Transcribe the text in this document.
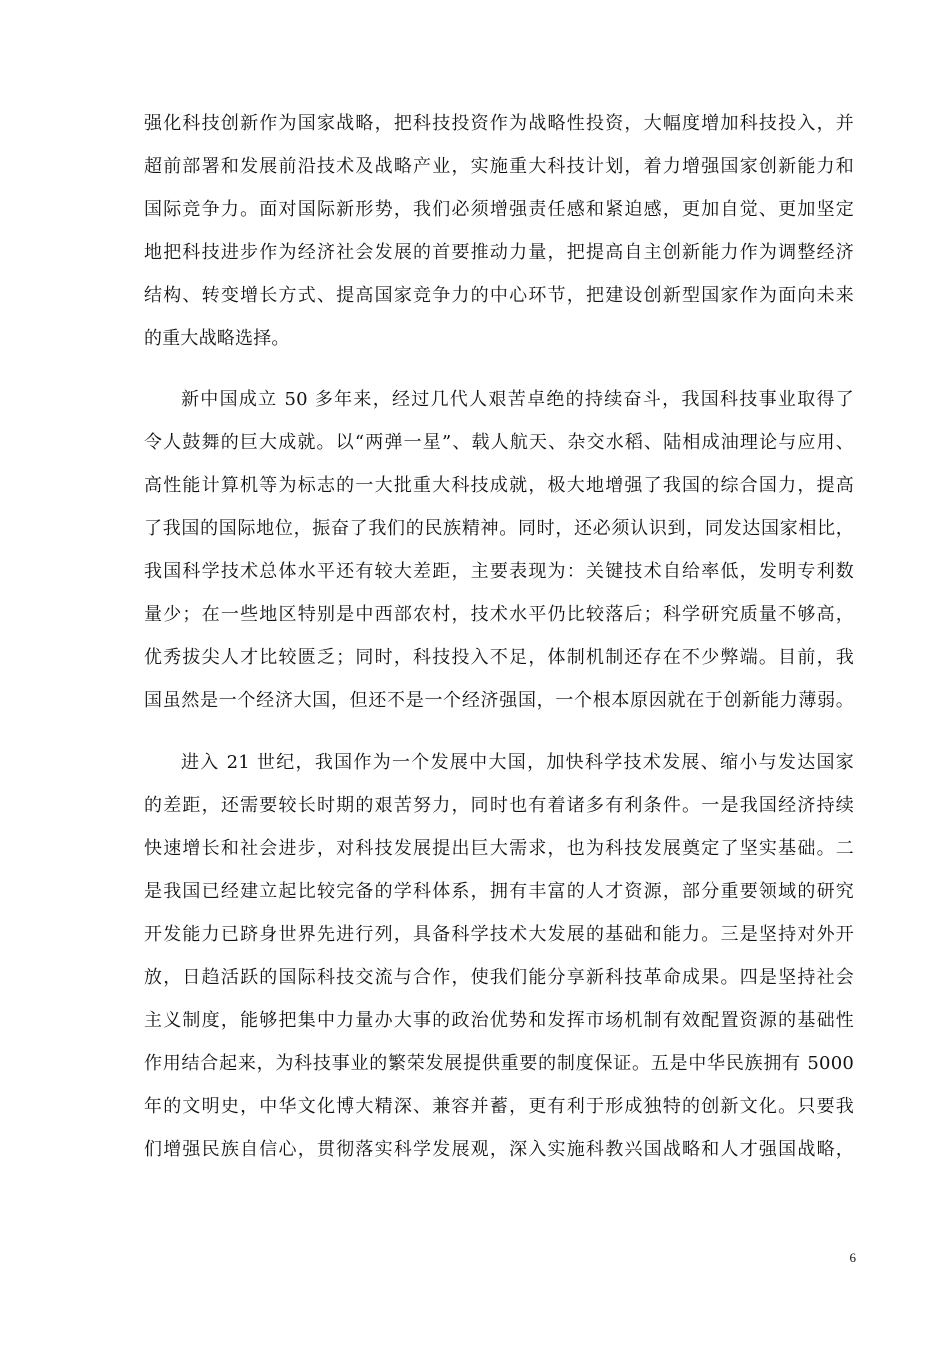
强化科技创新作为国家战略，把科技投资作为战略性投资，大幅度增加科技投入，并

超前部署和发展前沿技术及战略产业，实施重大科技计划，着力增强国家创新能力和

国际竞争力。面对国际新形势，我们必须增强责任感和紧迫感，更加自觉、更加坚定

地把科技进步作为经济社会发展的首要推动力量，把提高自主创新能力作为调整经济

结构、转变增长方式、提高国家竞争力的中心环节，把建设创新型国家作为面向未来

的重大战略选择。

新中国成立 50 多年来，经过几代人艰苦卓绝的持续奋斗，我国科技事业取得了

令人鼓舞的巨大成就。以“两弹一星”、载人航天、杂交水稻、陆相成油理论与应用、

高性能计算机等为标志的一大批重大科技成就，极大地增强了我国的综合国力，提高

了我国的国际地位，振奋了我们的民族精神。同时，还必须认识到，同发达国家相比，

我国科学技术总体水平还有较大差距，主要表现为：关键技术自给率低，发明专利数

量少；在一些地区特别是中西部农村，技术水平仍比较落后；科学研究质量不够高，

优秀拔尖人才比较匮乏；同时，科技投入不足，体制机制还存在不少弊端。目前，我

国虽然是一个经济大国，但还不是一个经济强国，一个根本原因就在于创新能力薄弱。

进入 21 世纪，我国作为一个发展中大国，加快科学技术发展、缩小与发达国家

的差距，还需要较长时期的艰苦努力，同时也有着诸多有利条件。一是我国经济持续

快速增长和社会进步，对科技发展提出巨大需求，也为科技发展奠定了坚实基础。二

是我国已经建立起比较完备的学科体系，拥有丰富的人才资源，部分重要领域的研究

开发能力已跻身世界先进行列，具备科学技术大发展的基础和能力。三是坚持对外开

放，日趋活跃的国际科技交流与合作，使我们能分享新科技革命成果。四是坚持社会

主义制度，能够把集中力量办大事的政治优势和发挥市场机制有效配置资源的基础性

作用结合起来，为科技事业的繁荣发展提供重要的制度保证。五是中华民族拥有 5000

年的文明史，中华文化博大精深、兼容并蓄，更有利于形成独特的创新文化。只要我

们增强民族自信心，贯彻落实科学发展观，深入实施科教兴国战略和人才强国战略，

6
